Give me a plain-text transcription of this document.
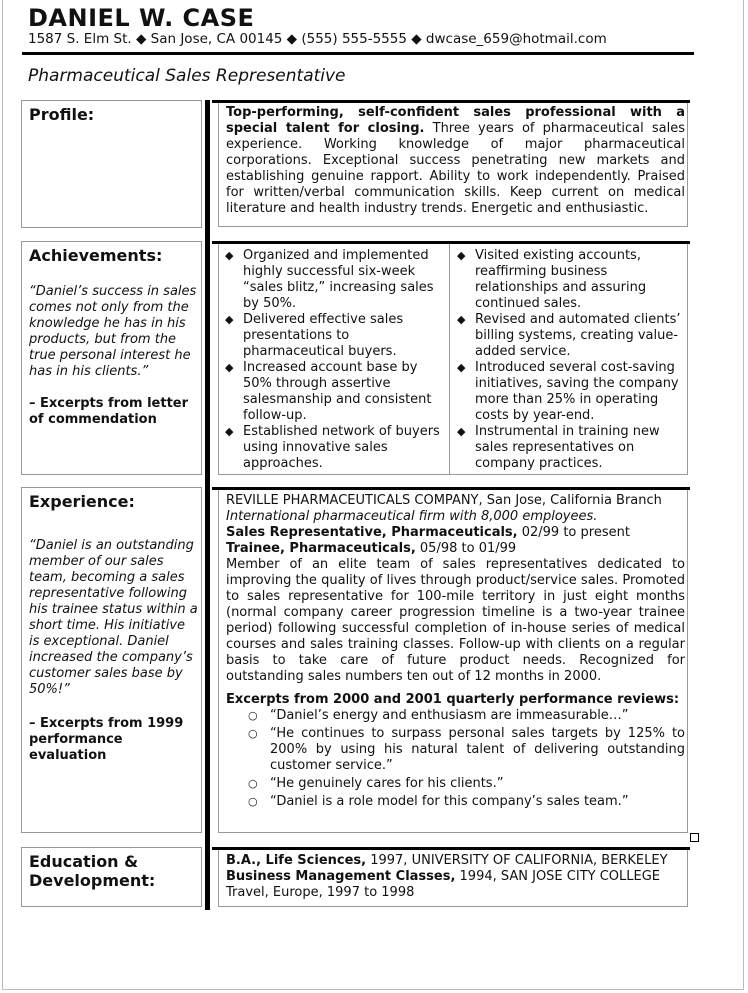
DANIEL W. CASE
1587 S. Elm St. ◆ San Jose, CA 00145 ◆ (555) 555-5555 ◆ dwcase_659@hotmail.com
Pharmaceutical Sales Representative
Profile:	Top-performing, self-confident sales professional with a special talent for closing. Three years of pharmaceutical sales experience. Working knowledge of major pharmaceutical corporations. Exceptional success penetrating new markets and establishing genuine rapport. Ability to work independently. Praised for written/verbal communication skills. Keep current on medical literature and health industry trends. Energetic and enthusiastic.
Achievements:
“Daniel’s success in sales comes not only from the knowledge he has in his products, but from the true personal interest he has in his clients.”
– Excerpts from letter of commendation
◆ Organized and implemented highly successful six-week “sales blitz,” increasing sales by 50%.
◆ Delivered effective sales presentations to pharmaceutical buyers.
◆ Increased account base by 50% through assertive salesmanship and consistent follow-up.
◆ Established network of buyers using innovative sales approaches.
◆ Visited existing accounts, reaffirming business relationships and assuring continued sales.
◆ Revised and automated clients’ billing systems, creating value-added service.
◆ Introduced several cost-saving initiatives, saving the company more than 25% in operating costs by year-end.
◆ Instrumental in training new sales representatives on company practices.
Experience:
“Daniel is an outstanding member of our sales team, becoming a sales representative following his trainee status within a short time. His initiative is exceptional. Daniel increased the company’s customer sales base by 50%!”
– Excerpts from 1999 performance evaluation
REVILLE PHARMACEUTICALS COMPANY, San Jose, California Branch
International pharmaceutical firm with 8,000 employees.
Sales Representative, Pharmaceuticals, 02/99 to present
Trainee, Pharmaceuticals, 05/98 to 01/99
Member of an elite team of sales representatives dedicated to improving the quality of lives through product/service sales. Promoted to sales representative for 100-mile territory in just eight months (normal company career progression timeline is a two-year trainee period) following successful completion of in-house series of medical courses and sales training classes. Follow-up with clients on a regular basis to take care of future product needs. Recognized for outstanding sales numbers ten out of 12 months in 2000.
Excerpts from 2000 and 2001 quarterly performance reviews:
○ “Daniel’s energy and enthusiasm are immeasurable…”
○ “He continues to surpass personal sales targets by 125% to 200% by using his natural talent of delivering outstanding customer service.”
○ “He genuinely cares for his clients.”
○ “Daniel is a role model for this company’s sales team.”
Education & Development:
B.A., Life Sciences, 1997, UNIVERSITY OF CALIFORNIA, BERKELEY
Business Management Classes, 1994, SAN JOSE CITY COLLEGE
Travel, Europe, 1997 to 1998
